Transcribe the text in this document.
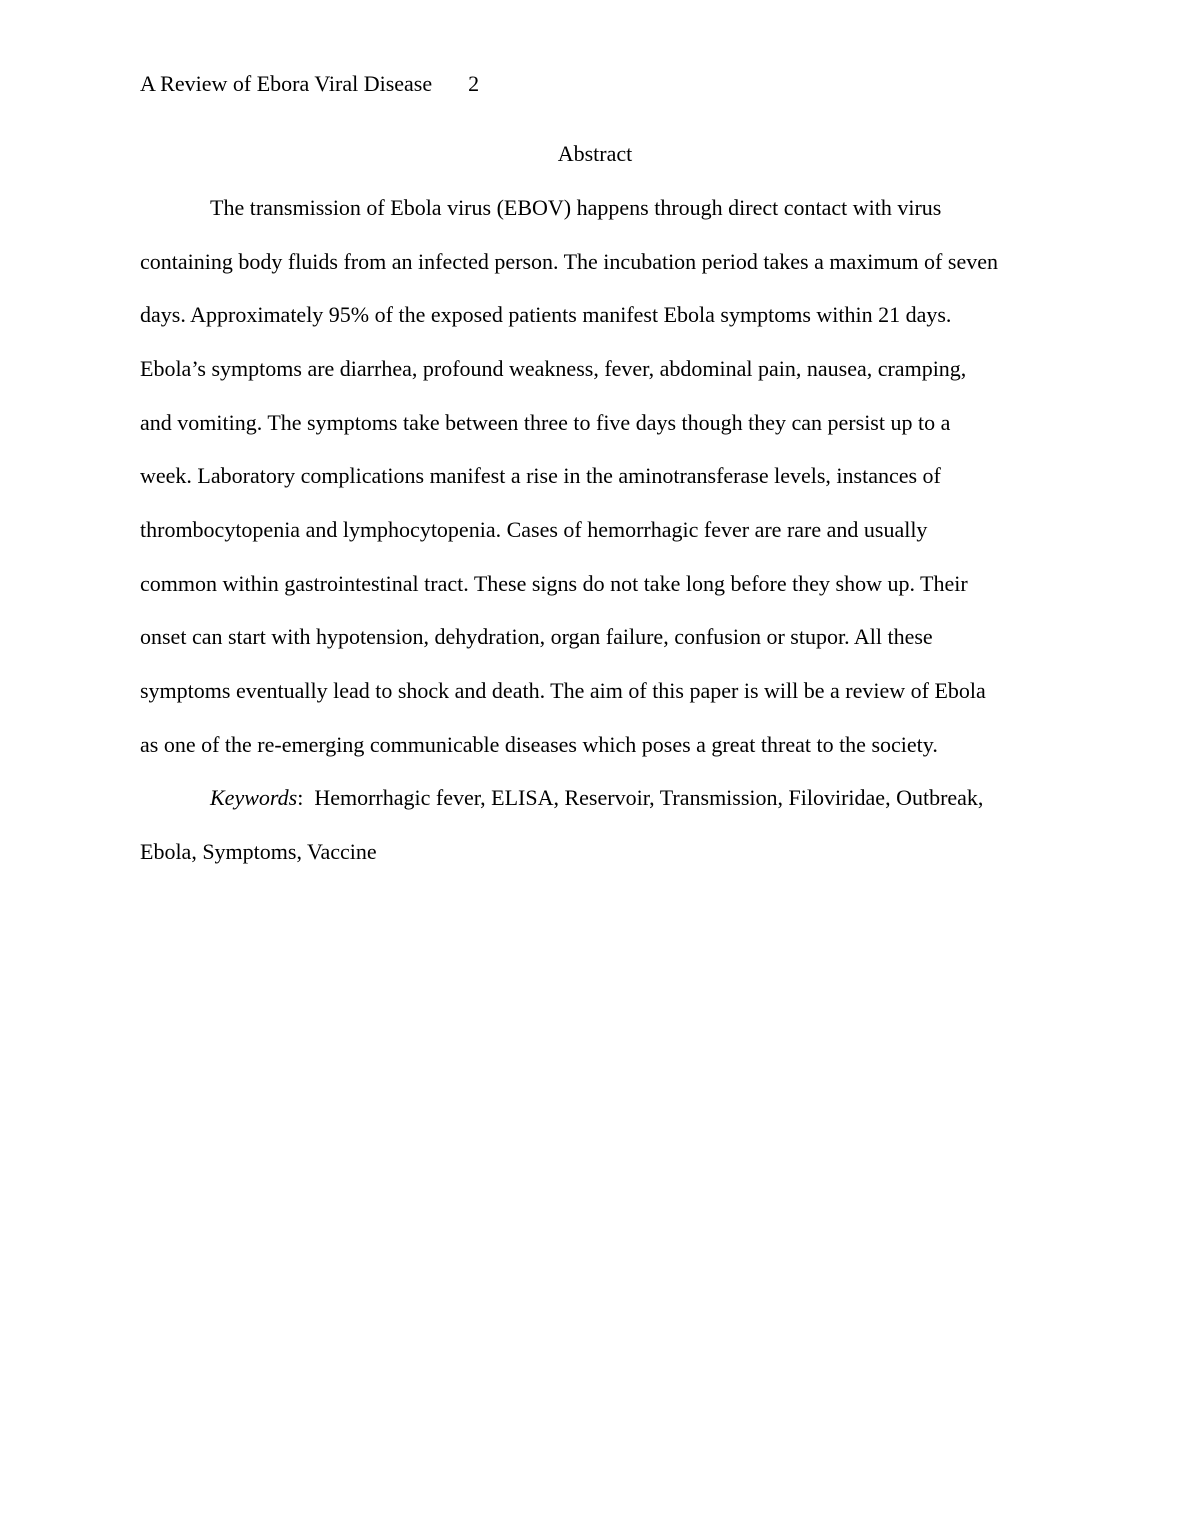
A Review of Ebora Viral Disease 2
Abstract
The transmission of Ebola virus (EBOV) happens through direct contact with virus
containing body fluids from an infected person. The incubation period takes a maximum of seven
days. Approximately 95% of the exposed patients manifest Ebola symptoms within 21 days.
Ebola’s symptoms are diarrhea, profound weakness, fever, abdominal pain, nausea, cramping,
and vomiting. The symptoms take between three to five days though they can persist up to a
week. Laboratory complications manifest a rise in the aminotransferase levels, instances of
thrombocytopenia and lymphocytopenia. Cases of hemorrhagic fever are rare and usually
common within gastrointestinal tract. These signs do not take long before they show up. Their
onset can start with hypotension, dehydration, organ failure, confusion or stupor. All these
symptoms eventually lead to shock and death. The aim of this paper is will be a review of Ebola
as one of the re-emerging communicable diseases which poses a great threat to the society.
Keywords:  Hemorrhagic fever, ELISA, Reservoir, Transmission, Filoviridae, Outbreak,
Ebola, Symptoms, Vaccine
